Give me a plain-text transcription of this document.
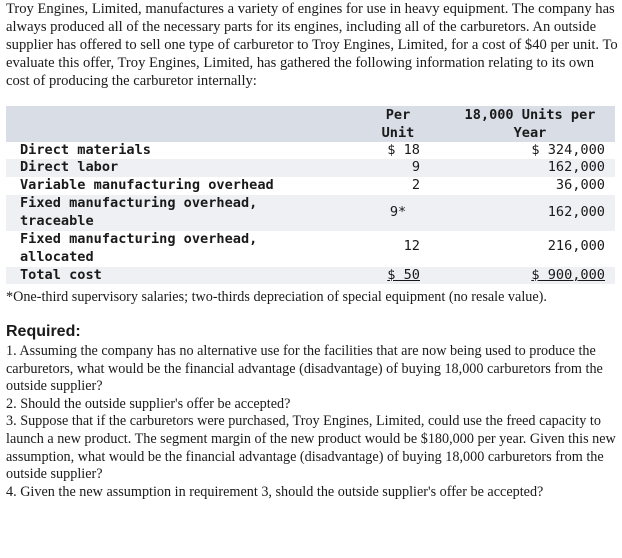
Troy Engines, Limited, manufactures a variety of engines for use in heavy equipment. The company has always produced all of the necessary parts for its engines, including all of the carburetors. An outside supplier has offered to sell one type of carburetor to Troy Engines, Limited, for a cost of $40 per unit. To evaluate this offer, Troy Engines, Limited, has gathered the following information relating to its own cost of producing the carburetor internally:
Per
Unit
18,000 Units per
Year
Direct materials	$ 18	$ 324,000
Direct labor	9	162,000
Variable manufacturing overhead	2	36,000
Fixed manufacturing overhead,
traceable
9*	162,000
Fixed manufacturing overhead,
allocated
12	216,000
Total cost	$ 50	$ 900,000
*One-third supervisory salaries; two-thirds depreciation of special equipment (no resale value).
Required:

1. Assuming the company has no alternative use for the facilities that are now being used to produce the carburetors, what would be the financial advantage (disadvantage) of buying 18,000 carburetors from the outside supplier?

2. Should the outside supplier's offer be accepted?

3. Suppose that if the carburetors were purchased, Troy Engines, Limited, could use the freed capacity to launch a new product. The segment margin of the new product would be $180,000 per year. Given this new assumption, what would be the financial advantage (disadvantage) of buying 18,000 carburetors from the outside supplier?

4. Given the new assumption in requirement 3, should the outside supplier's offer be accepted?
